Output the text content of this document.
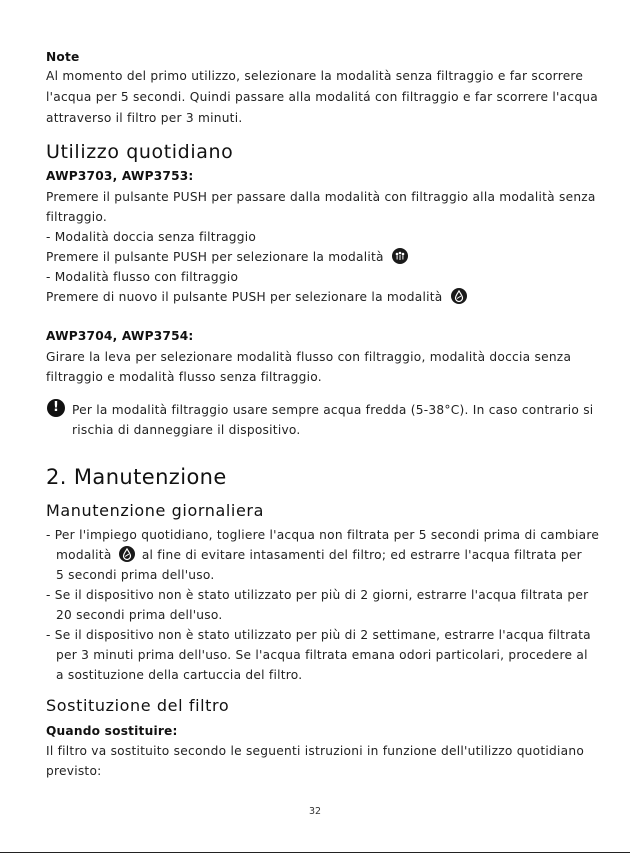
Note
Al momento del primo utilizzo, selezionare la modalità senza filtraggio e far scorrere
l'acqua per 5 secondi. Quindi passare alla modalitá con filtraggio e far scorrere l'acqua
attraverso il filtro per 3 minuti.
Utilizzo quotidiano
AWP3703, AWP3753:
Premere il pulsante PUSH per passare dalla modalità con filtraggio alla modalità senza
filtraggio.
- Modalità doccia senza filtraggio
Premere il pulsante PUSH per selezionare la modalità
- Modalità flusso con filtraggio
Premere di nuovo il pulsante PUSH per selezionare la modalità
AWP3704, AWP3754:
Girare la leva per selezionare modalità flusso con filtraggio, modalità doccia senza
filtraggio e modalità flusso senza filtraggio.
!	Per la modalità filtraggio usare sempre acqua fredda (5-38°C). In caso contrario si
rischia di danneggiare il dispositivo.
2. Manutenzione
Manutenzione giornaliera
- Per l'impiego quotidiano, togliere l'acqua non filtrata per 5 secondi prima di cambiare
modalità al fine di evitare intasamenti del filtro; ed estrarre l'acqua filtrata per
5 secondi prima dell'uso.
- Se il dispositivo non è stato utilizzato per più di 2 giorni, estrarre l'acqua filtrata per
20 secondi prima dell'uso.
- Se il dispositivo non è stato utilizzato per più di 2 settimane, estrarre l'acqua filtrata
per 3 minuti prima dell'uso. Se l'acqua filtrata emana odori particolari, procedere al
a sostituzione della cartuccia del filtro.
Sostituzione del filtro
Quando sostituire:
Il filtro va sostituito secondo le seguenti istruzioni in funzione dell'utilizzo quotidiano
previsto:
32
